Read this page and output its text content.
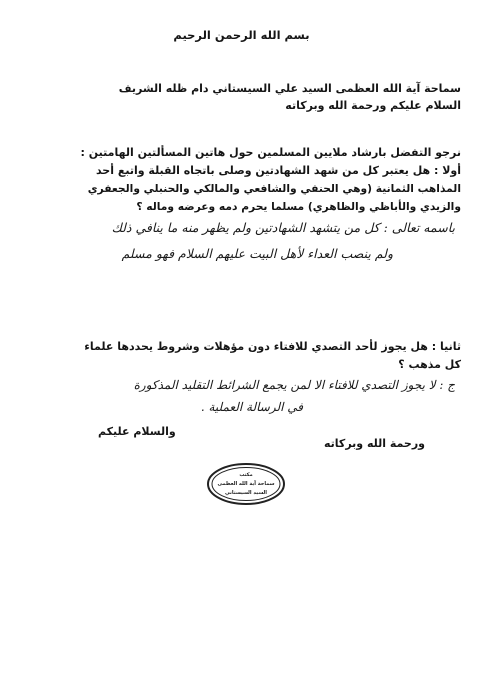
بسم الله الرحمن الرحيم
سماحة آية الله العظمى السيد علي السيستاني دام ظله الشريف
السلام عليكم ورحمة الله وبركاته
نرجو التفضل بارشاد ملايين المسلمين حول هاتين المسألتين الهامتين :
أولا : هل يعتبر كل من شهد الشهادتين وصلى باتجاه القبلة واتبع أحد
المذاهب الثمانية (وهي الحنفي والشافعي والمالكي والحنبلي والجعفري
والزيدي والأباظي والظاهري) مسلما يحرم دمه وعرضه وماله ؟
باسمه تعالى : كل من يتشهد الشهادتين ولم يظهر منه ما ينافي ذلك
ولم ينصب العداء لأهل البيت عليهم السلام فهو مسلم
ثانيا : هل يجوز لأحد التصدي للافتاء دون مؤهلات وشروط يحددها علماء
كل مذهب ؟
ج : لا يجوز التصدي للافتاء الا لمن يجمع الشرائط التقليد المذكورة
في الرسالة العملية .
والسلام عليكم
ورحمة الله وبركاته
مكتب
سماحة آية الله العظمى
السيد السيستاني
